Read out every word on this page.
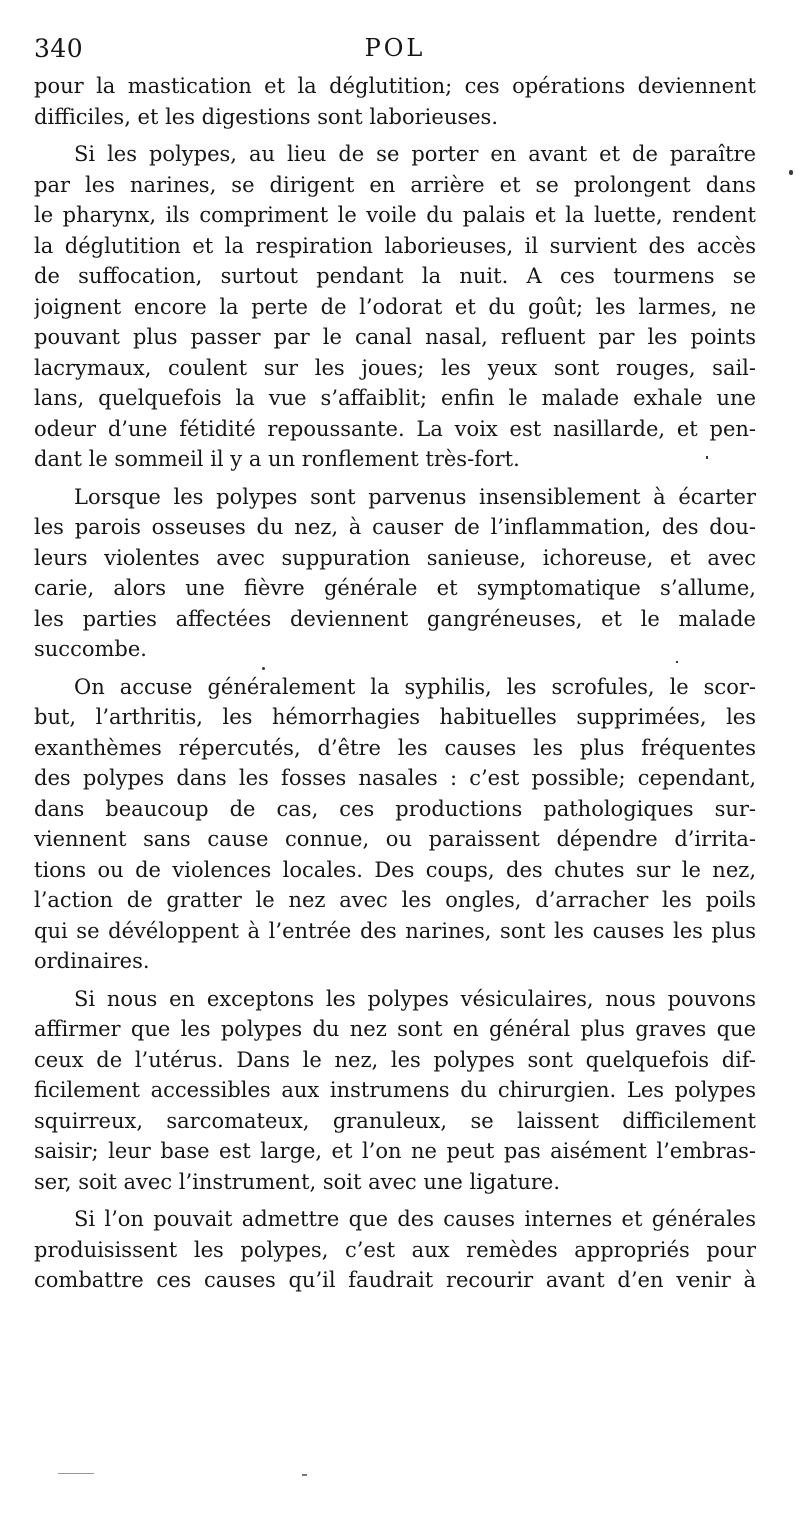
340	POL
pour la mastication et la déglutition; ces opérations deviennent
difficiles, et les digestions sont laborieuses.
Si les polypes, au lieu de se porter en avant et de paraître
par les narines, se dirigent en arrière et se prolongent dans
le pharynx, ils compriment le voile du palais et la luette, rendent
la déglutition et la respiration laborieuses, il survient des accès
de suffocation, surtout pendant la nuit. A ces tourmens se
joignent encore la perte de l’odorat et du goût; les larmes, ne
pouvant plus passer par le canal nasal, refluent par les points
lacrymaux, coulent sur les joues; les yeux sont rouges, sail-
lans, quelquefois la vue s’affaiblit; enfin le malade exhale une
odeur d’une fétidité repoussante. La voix est nasillarde, et pen-
dant le sommeil il y a un ronflement très-fort.
Lorsque les polypes sont parvenus insensiblement à écarter
les parois osseuses du nez, à causer de l’inflammation, des dou-
leurs violentes avec suppuration sanieuse, ichoreuse, et avec
carie, alors une fièvre générale et symptomatique s’allume,
les parties affectées deviennent gangréneuses, et le malade
succombe.
On accuse généralement la syphilis, les scrofules, le scor-
but, l’arthritis, les hémorrhagies habituelles supprimées, les
exanthèmes répercutés, d’être les causes les plus fréquentes
des polypes dans les fosses nasales : c’est possible; cependant,
dans beaucoup de cas, ces productions pathologiques sur-
viennent sans cause connue, ou paraissent dépendre d’irrita-
tions ou de violences locales. Des coups, des chutes sur le nez,
l’action de gratter le nez avec les ongles, d’arracher les poils
qui se dévéloppent à l’entrée des narines, sont les causes les plus
ordinaires.
Si nous en exceptons les polypes vésiculaires, nous pouvons
affirmer que les polypes du nez sont en général plus graves que
ceux de l’utérus. Dans le nez, les polypes sont quelquefois dif-
ficilement accessibles aux instrumens du chirurgien. Les polypes
squirreux, sarcomateux, granuleux, se laissent difficilement
saisir; leur base est large, et l’on ne peut pas aisément l’embras-
ser, soit avec l’instrument, soit avec une ligature.
Si l’on pouvait admettre que des causes internes et générales
produisissent les polypes, c’est aux remèdes appropriés pour
combattre ces causes qu’il faudrait recourir avant d’en venir à
